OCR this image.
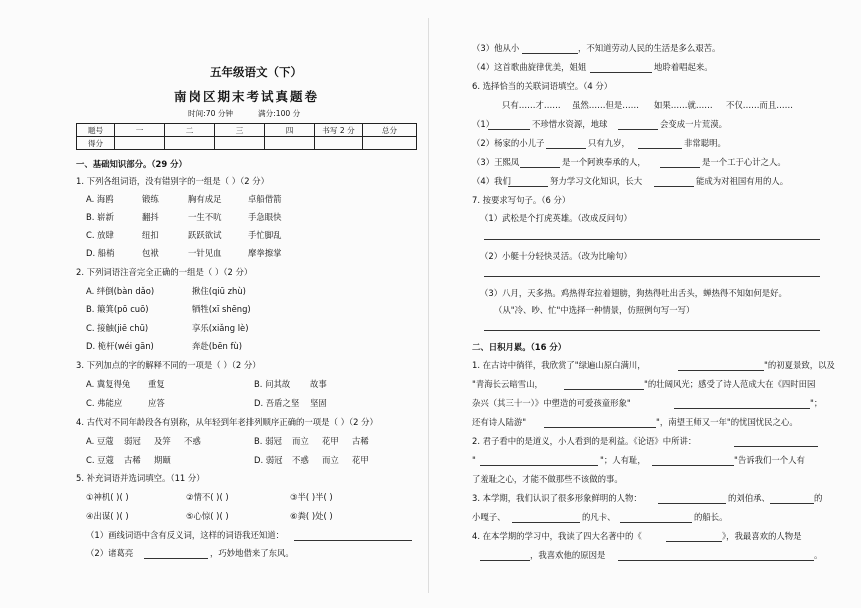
五年级语文（下）
南岗区期末考试真题卷
时间:70 分钟	满分:100 分
题号	一	二	三	四	书写 2 分	总分
得分						
一、基础知识部分。（29 分）
1. 下列各组词语，没有错别字的一组是（ ）（2 分）
A. 海鸥	锻练	胸有成足	卓船借箭
B. 崭新	翻抖	一生不吭	手急眼快
C. 放肆	纽扣	跃跃欲试	手忙脚乱
D. 船梢	包袱	一针见血	摩拳擦掌
2. 下列词语注音完全正确的一组是（ ）（2 分）
A. 绊倒(bàn dǎo)	揪住(qiū zhù)
B. 簸箕(pō cuō)	牺牲(xī shēng)
C. 接触(jiē chū)	享乐(xiǎng lè)
D. 桅杆(wéi gān)	奔赴(bēn fù)
3. 下列加点的字的解释不同的一项是（ ）（2 分）
A. 冀复得兔 重复	B. 问其故 故事
C. 弗能应	应答	D. 吾盾之坚 坚固
4. 古代对不同年龄段各有别称，从年轻到年老排列顺序正确的一项是（ ）（2 分）
A. 豆蔻 弱冠 及笄 不惑	B. 弱冠 而立 花甲 古稀
C. 豆蔻 古稀 期颐	D. 弱冠 不惑 而立 花甲
5. 补充词语并选词填空。（11 分）
①神机( )( )	②情不( )( )	③半( )半( )
④出谋( )( )	⑤心惊( )( )	⑥粪( )处( )
（1）画线词语中含有反义词，这样的词语我还知道：
（2）诸葛亮	，巧妙地借来了东风。
（3）他从小	，不知道劳动人民的生活是多么艰苦。
（4）这首歌曲旋律优美，姐姐	地聆着唱起来。
6. 选择恰当的关联词语填空。（4 分）
只有……才…… 虽然……但是…… 如果……就…… 不仅……而且……
（1）	不珍惜水资源，地球	会变成一片荒漠。
（2）杨家的小儿子	只有九岁，	非常聪明。
（3）王熙凤	是一个阿谀奉承的人，	是一个工于心计之人。
（4）我们	努力学习文化知识，长大	能成为对祖国有用的人。
7. 按要求写句子。（6 分）
（1）武松是个打虎英雄。（改成反问句）
（2）小艇十分轻快灵活。（改为比喻句）
（3）八月，天多热。鸡热得耷拉着翅膀，狗热得吐出舌头，蝉热得不知如何是好。
（从"冷、吵、忙"中选择一种情景，仿照例句写一写）
二、日积月累。（16 分）
1. 在古诗中徜徉，我欣赏了"绿遍山原白满川，	"的初夏景致，以及
"青海长云暗雪山，	"的壮阔风光；感受了诗人范成大在《四时田园
杂兴（其三十一）》中塑造的可爱孩童形象"	"；
还有诗人陆游"	"，南望王师又一年"的忧国忧民之心。
2. 君子看中的是道义，小人看到的是利益。《论语》中所讲：
"	"；人有耻，	"告诉我们一个人有
了羞耻之心，才能不做那些不该做的事。
3. 本学期，我们认识了很多形象鲜明的人物：	的刘伯承、	的
小嘎子、	的凡卡、	的船长。
4. 在本学期的学习中，我读了四大名著中的《	》，我最喜欢的人物是
，我喜欢他的原因是	。
